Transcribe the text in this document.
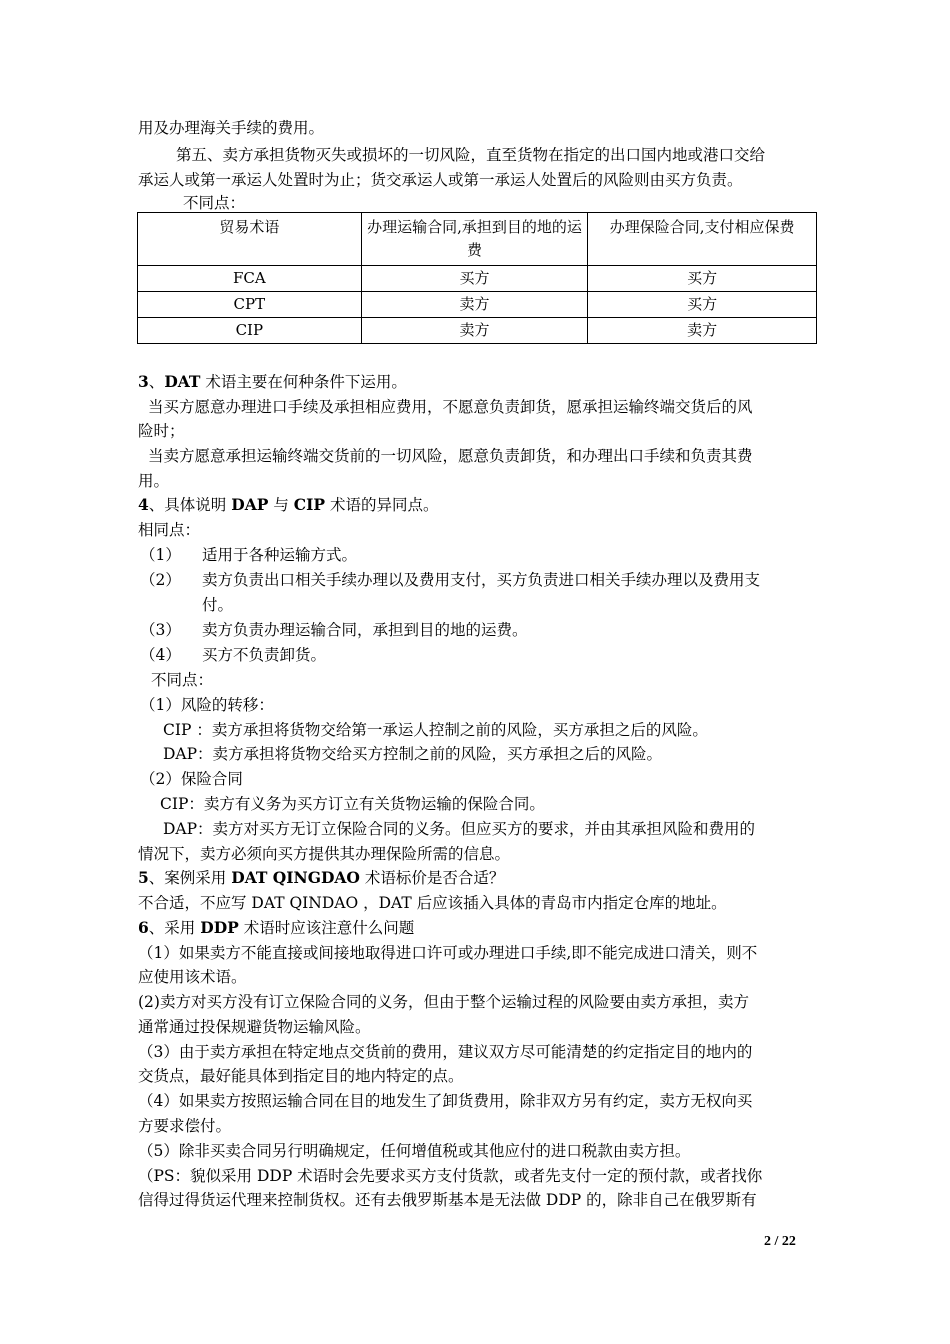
用及办理海关手续的费用。
第五、卖方承担货物灭失或损坏的一切风险，直至货物在指定的出口国内地或港口交给
承运人或第一承运人处置时为止；货交承运人或第一承运人处置后的风险则由买方负责。
不同点：
贸易术语	办理运输合同,承担到目的地的运费	办理保险合同,支付相应保费
FCA	买方	买方
CPT	卖方	买方
CIP	卖方	卖方
3、DAT 术语主要在何种条件下运用。
当买方愿意办理进口手续及承担相应费用，不愿意负责卸货，愿承担运输终端交货后的风
险时；
当卖方愿意承担运输终端交货前的一切风险，愿意负责卸货，和办理出口手续和负责其费
用。
4、具体说明 DAP 与 CIP 术语的异同点。
相同点：
（1） 适用于各种运输方式。
（2） 卖方负责出口相关手续办理以及费用支付，买方负责进口相关手续办理以及费用支
付。
（3） 卖方负责办理运输合同，承担到目的地的运费。
（4） 买方不负责卸货。
不同点：
（1）风险的转移：
CIP ：卖方承担将货物交给第一承运人控制之前的风险，买方承担之后的风险。
DAP：卖方承担将货物交给买方控制之前的风险，买方承担之后的风险。
（2）保险合同
CIP：卖方有义务为买方订立有关货物运输的保险合同。
DAP：卖方对买方无订立保险合同的义务。但应买方的要求，并由其承担风险和费用的
情况下，卖方必须向买方提供其办理保险所需的信息。
5、案例采用 DAT QINGDAO 术语标价是否合适？
不合适，不应写 DAT QINDAO ，DAT 后应该插入具体的青岛市内指定仓库的地址。
6、采用 DDP 术语时应该注意什么问题
（1）如果卖方不能直接或间接地取得进口许可或办理进口手续,即不能完成进口清关，则不
应使用该术语。
(2)卖方对买方没有订立保险合同的义务，但由于整个运输过程的风险要由卖方承担，卖方
通常通过投保规避货物运输风险。
（3）由于卖方承担在特定地点交货前的费用，建议双方尽可能清楚的约定指定目的地内的
交货点，最好能具体到指定目的地内特定的点。
（4）如果卖方按照运输合同在目的地发生了卸货费用，除非双方另有约定，卖方无权向买
方要求偿付。
（5）除非买卖合同另行明确规定，任何增值税或其他应付的进口税款由卖方担。
（PS：貌似采用 DDP 术语时会先要求买方支付货款，或者先支付一定的预付款，或者找你
信得过得货运代理来控制货权。还有去俄罗斯基本是无法做 DDP 的，除非自己在俄罗斯有
2 / 22
